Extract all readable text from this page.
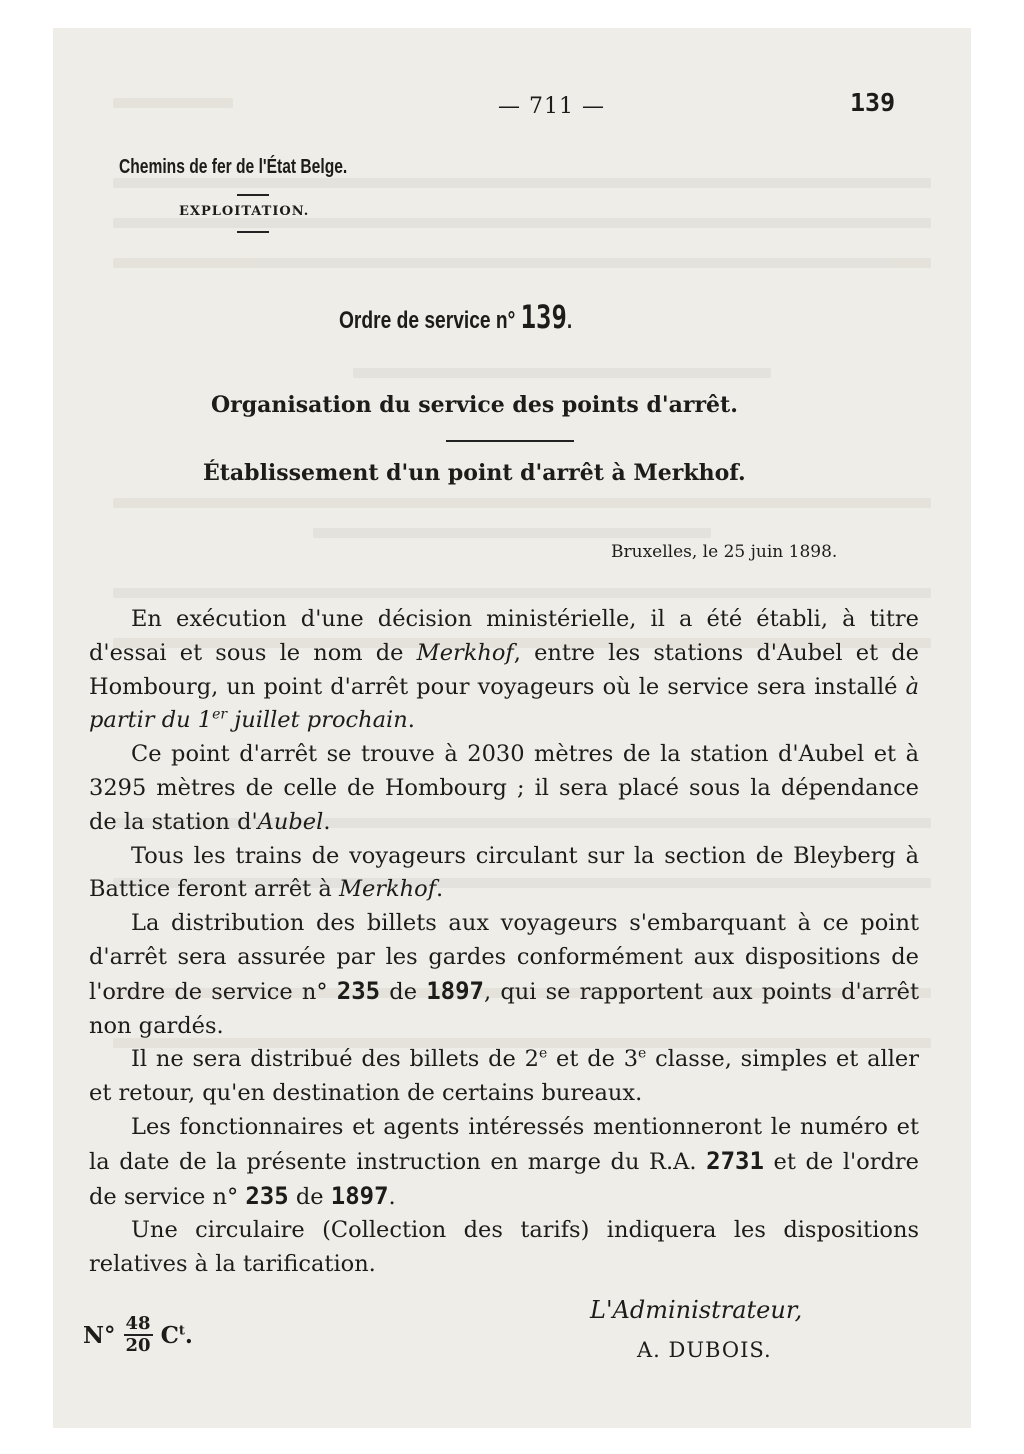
— 711 —	139
Chemins de fer de l'État Belge.
EXPLOITATION.
Ordre de service n° 139.
Organisation du service des points d'arrêt.
Établissement d'un point d'arrêt à Merkhof.
Bruxelles, le 25 juin 1898.

En exécution d'une décision ministérielle, il a été établi, à titre d'essai et sous le nom de Merkhof, entre les stations d'Aubel et de Hombourg, un point d'arrêt pour voyageurs où le service sera installé à partir du 1er juillet prochain.

Ce point d'arrêt se trouve à 2030 mètres de la station d'Aubel et à 3295 mètres de celle de Hombourg ; il sera placé sous la dépendance de la station d'Aubel.

Tous les trains de voyageurs circulant sur la section de Bleyberg à Battice feront arrêt à Merkhof.

La distribution des billets aux voyageurs s'embarquant à ce point d'arrêt sera assurée par les gardes conformément aux dispositions de l'ordre de service n° 235 de 1897, qui se rapportent aux points d'arrêt non gardés.

Il ne sera distribué des billets de 2e et de 3e classe, simples et aller et retour, qu'en destination de certains bureaux.

Les fonctionnaires et agents intéressés mentionneront le numéro et la date de la présente instruction en marge du R.A. 2731 et de l'ordre de service n° 235 de 1897.

Une circulaire (Collection des tarifs) indiquera les dispositions relatives à la tarification.

L'Administrateur,
A. DUBOIS.
$N^\circ \frac{48}{20} C^t$.
